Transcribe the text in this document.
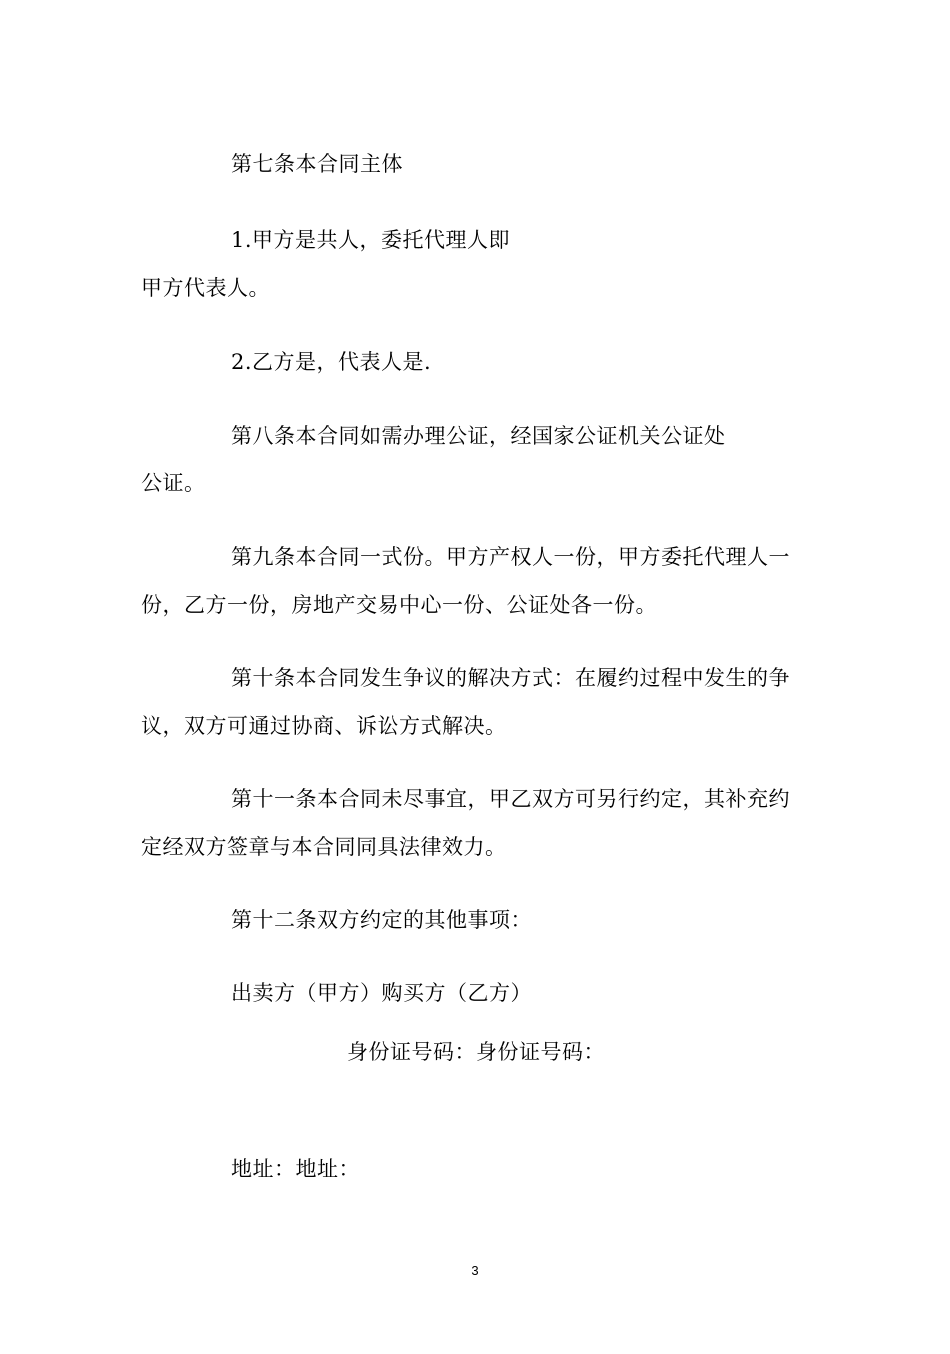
第七条本合同主体
1.甲方是共人，委托代理人即
甲方代表人。
2.乙方是，代表人是.
第八条本合同如需办理公证，经国家公证机关公证处
公证。
第九条本合同一式份。甲方产权人一份，甲方委托代理人一
份，乙方一份，房地产交易中心一份、公证处各一份。
第十条本合同发生争议的解决方式：在履约过程中发生的争
议，双方可通过协商、诉讼方式解决。
第十一条本合同未尽事宜，甲乙双方可另行约定，其补充约
定经双方签章与本合同同具法律效力。
第十二条双方约定的其他事项：
出卖方（甲方）购买方（乙方）
身份证号码：身份证号码：
地址：地址：
3
